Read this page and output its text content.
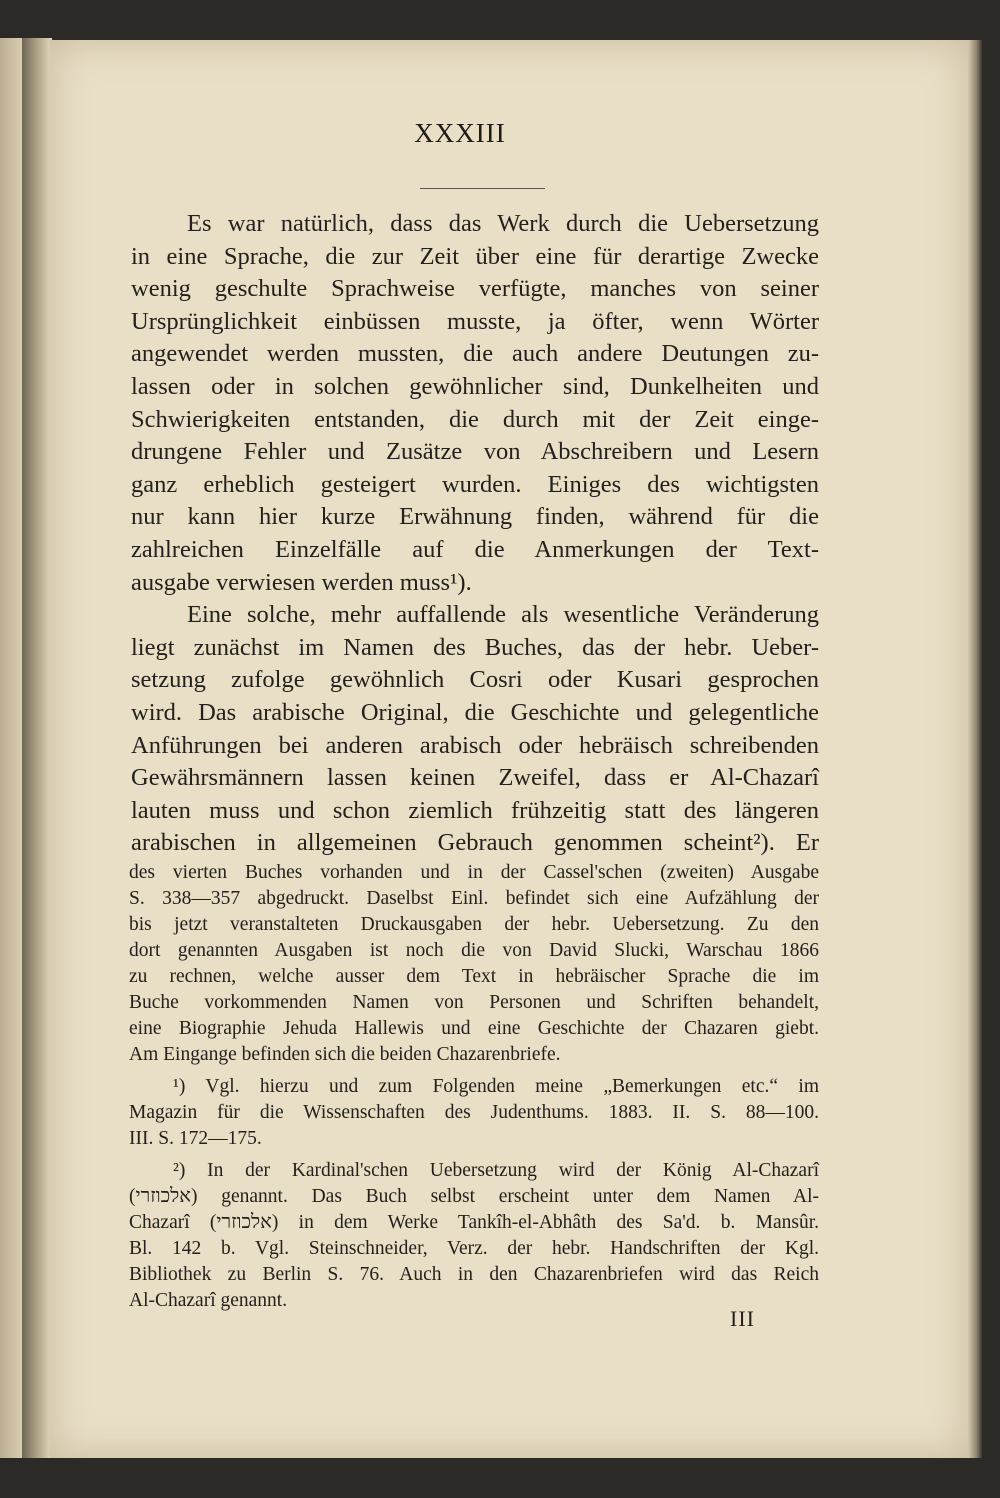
XXXIII
Es war natürlich, dass das Werk durch die Uebersetzung
in eine Sprache, die zur Zeit über eine für derartige Zwecke
wenig geschulte Sprachweise verfügte, manches von seiner
Ursprünglichkeit einbüssen musste, ja öfter, wenn Wörter
angewendet werden mussten, die auch andere Deutungen zu-
lassen oder in solchen gewöhnlicher sind, Dunkelheiten und
Schwierigkeiten entstanden, die durch mit der Zeit einge-
drungene Fehler und Zusätze von Abschreibern und Lesern
ganz erheblich gesteigert wurden. Einiges des wichtigsten
nur kann hier kurze Erwähnung finden, während für die
zahlreichen Einzelfälle auf die Anmerkungen der Text-
ausgabe verwiesen werden muss¹).
Eine solche, mehr auffallende als wesentliche Veränderung
liegt zunächst im Namen des Buches, das der hebr. Ueber-
setzung zufolge gewöhnlich Cosri oder Kusari gesprochen
wird. Das arabische Original, die Geschichte und gelegentliche
Anführungen bei anderen arabisch oder hebräisch schreibenden
Gewährsmännern lassen keinen Zweifel, dass er Al-Chazarî
lauten muss und schon ziemlich frühzeitig statt des längeren
arabischen in allgemeinen Gebrauch genommen scheint²). Er

des vierten Buches vorhanden und in der Cassel'schen (zweiten) Ausgabe
S. 338—357 abgedruckt. Daselbst Einl. befindet sich eine Aufzählung der
bis jetzt veranstalteten Druckausgaben der hebr. Uebersetzung. Zu den
dort genannten Ausgaben ist noch die von David Slucki, Warschau 1866
zu rechnen, welche ausser dem Text in hebräischer Sprache die im
Buche vorkommenden Namen von Personen und Schriften behandelt,
eine Biographie Jehuda Hallewis und eine Geschichte der Chazaren giebt.
Am Eingange befinden sich die beiden Chazarenbriefe.

¹) Vgl. hierzu und zum Folgenden meine „Bemerkungen etc.“ im
Magazin für die Wissenschaften des Judenthums. 1883. II. S. 88—100.
III. S. 172—175.

²) In der Kardinal'schen Uebersetzung wird der König Al-Chazarî
(אלכוזרי) genannt. Das Buch selbst erscheint unter dem Namen Al-
Chazarî (אלכוזרי) in dem Werke Tankîh-el-Abhâth des Sa'd. b. Mansûr.
Bl. 142 b. Vgl. Steinschneider, Verz. der hebr. Handschriften der Kgl.
Bibliothek zu Berlin S. 76. Auch in den Chazarenbriefen wird das Reich
Al-Chazarî genannt.

III
